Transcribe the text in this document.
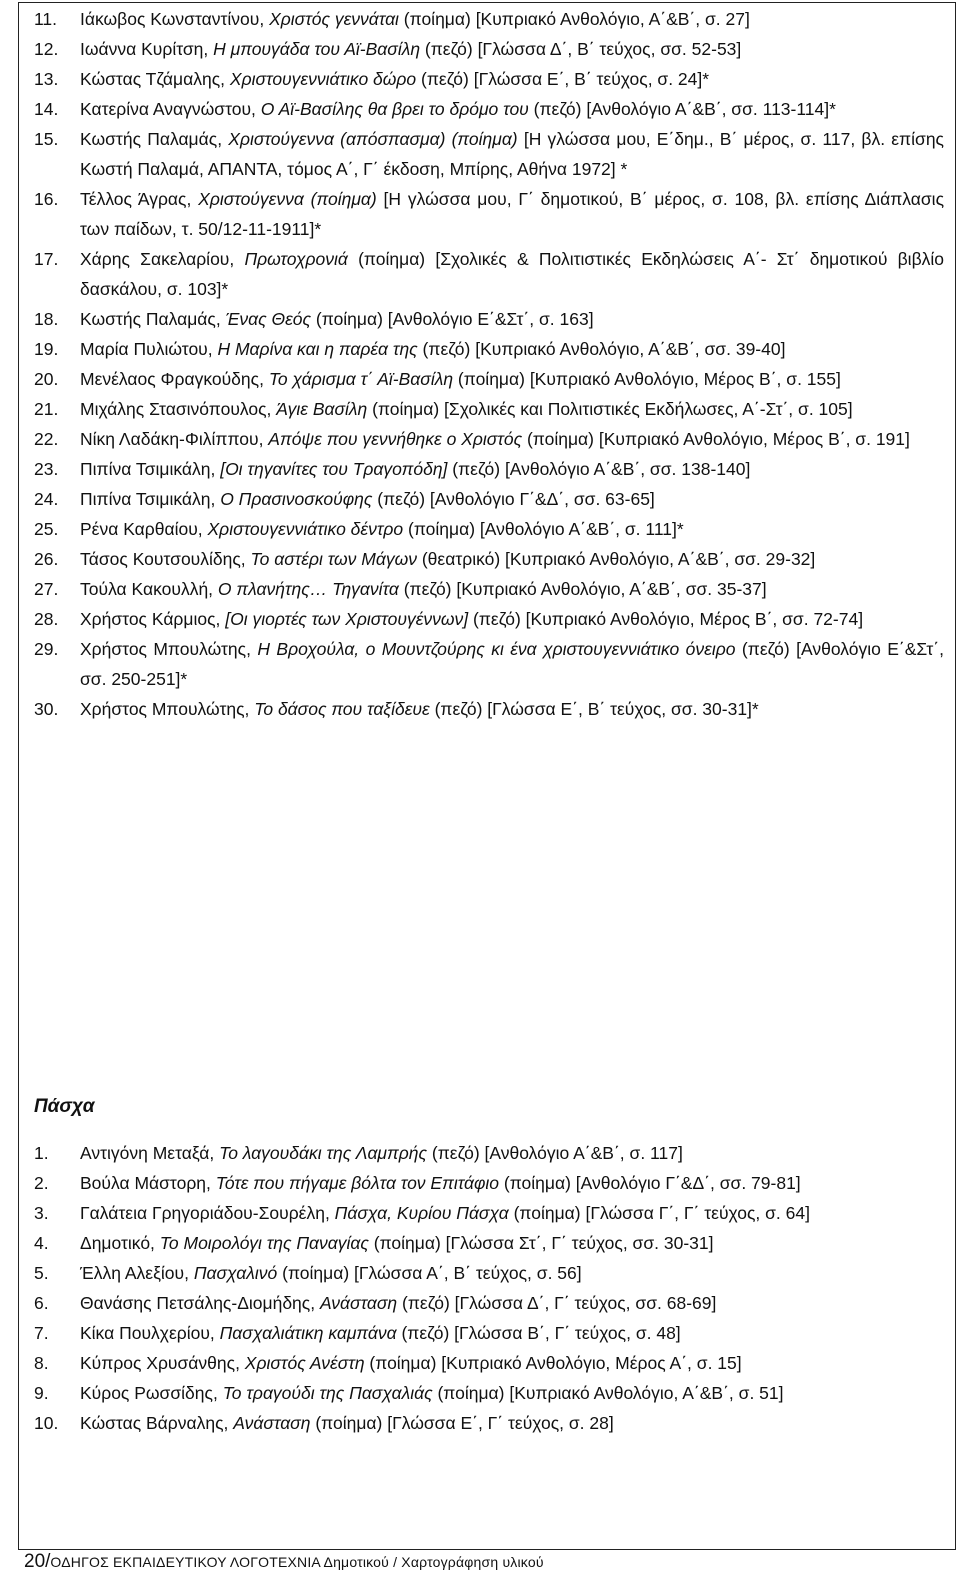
11.	Ιάκωβος Κωνσταντίνου, Χριστός γεννάται (ποίημα) [Κυπριακό Ανθολόγιο, Α΄&Β΄, σ. 27]
12.	Ιωάννα Κυρίτση, Η μπουγάδα του Αϊ-Βασίλη (πεζό) [Γλώσσα Δ΄, Β΄ τεύχος, σσ. 52-53]
13.	Κώστας Τζάμαλης, Χριστουγεννιάτικο δώρο (πεζό) [Γλώσσα Ε΄, Β΄ τεύχος, σ. 24]*
14.	Κατερίνα Αναγνώστου, Ο Αϊ-Βασίλης θα βρει το δρόμο του (πεζό) [Ανθολόγιο Α΄&Β΄, σσ. 113-114]*
15.	Κωστής Παλαμάς, Χριστούγεννα (απόσπασμα) (ποίημα) [Η γλώσσα μου, Ε΄δημ., Β΄ μέρος, σ. 117, βλ. επίσης Κωστή Παλαμά, ΑΠΑΝΤΑ, τόμος Α΄, Γ΄ έκδοση, Μπίρης, Αθήνα 1972] *
16.	Τέλλος Άγρας, Χριστούγεννα (ποίημα) [Η γλώσσα μου, Γ΄ δημοτικού, Β΄ μέρος, σ. 108, βλ. επίσης Διάπλασις των παίδων, τ. 50/12-11-1911]*
17.	Χάρης Σακελαρίου, Πρωτοχρονιά (ποίημα) [Σχολικές & Πολιτιστικές Εκδηλώσεις Α΄- Στ΄ δημοτικού βιβλίο δασκάλου, σ. 103]*
18.	Κωστής Παλαμάς, Ένας Θεός (ποίημα) [Ανθολόγιο Ε΄&Στ΄, σ. 163]
19.	Μαρία Πυλιώτου, Η Μαρίνα και η παρέα της (πεζό) [Κυπριακό Ανθολόγιο, Α΄&Β΄, σσ. 39-40]
20.	Μενέλαος Φραγκούδης, Το χάρισμα τ΄ Αϊ-Βασίλη (ποίημα) [Κυπριακό Ανθολόγιο, Μέρος Β΄, σ. 155]
21.	Μιχάλης Στασινόπουλος, Άγιε Βασίλη (ποίημα) [Σχολικές και Πολιτιστικές Εκδήλωσες, Α΄-Στ΄, σ. 105]
22.	Νίκη Λαδάκη-Φιλίππου, Απόψε που γεννήθηκε ο Χριστός (ποίημα) [Κυπριακό Ανθολόγιο, Μέρος Β΄, σ. 191]
23.	Πιπίνα Τσιμικάλη, [Οι τηγανίτες του Τραγοπόδη] (πεζό) [Ανθολόγιο Α΄&Β΄, σσ. 138-140]
24.	Πιπίνα Τσιμικάλη, Ο Πρασινοσκούφης (πεζό) [Ανθολόγιο Γ΄&Δ΄, σσ. 63-65]
25.	Ρένα Καρθαίου, Χριστουγεννιάτικο δέντρο (ποίημα) [Ανθολόγιο Α΄&Β΄, σ. 111]*
26.	Τάσος Κουτσουλίδης, Το αστέρι των Μάγων (θεατρικό) [Κυπριακό Ανθολόγιο, Α΄&Β΄, σσ. 29-32]
27.	Τούλα Κακουλλή, Ο πλανήτης… Τηγανίτα (πεζό) [Κυπριακό Ανθολόγιο, Α΄&Β΄, σσ. 35-37]
28.	Χρήστος Κάρμιος, [Οι γιορτές των Χριστουγέννων] (πεζό) [Κυπριακό Ανθολόγιο, Μέρος Β΄, σσ. 72-74]
29.	Χρήστος Μπουλώτης, Η Βροχούλα, ο Μουντζούρης κι ένα χριστουγεννιάτικο όνειρο (πεζό) [Ανθολόγιο Ε΄&Στ΄, σσ. 250-251]*
30.	Χρήστος Μπουλώτης, Το δάσος που ταξίδευε (πεζό) [Γλώσσα Ε΄, Β΄ τεύχος, σσ. 30-31]*
Πάσχα
1.	Αντιγόνη Μεταξά, Το λαγουδάκι της Λαμπρής (πεζό) [Ανθολόγιο Α΄&Β΄, σ. 117]
2.	Βούλα Μάστορη, Τότε που πήγαμε βόλτα τον Επιτάφιο (ποίημα) [Ανθολόγιο Γ΄&Δ΄, σσ. 79-81]
3.	Γαλάτεια Γρηγοριάδου-Σουρέλη, Πάσχα, Κυρίου Πάσχα (ποίημα) [Γλώσσα Γ΄, Γ΄ τεύχος, σ. 64]
4.	Δημοτικό, Το Μοιρολόγι της Παναγίας (ποίημα) [Γλώσσα Στ΄, Γ΄ τεύχος, σσ. 30-31]
5.	Έλλη Αλεξίου, Πασχαλινό (ποίημα) [Γλώσσα Α΄, Β΄ τεύχος, σ. 56]
6.	Θανάσης Πετσάλης-Διομήδης, Ανάσταση (πεζό) [Γλώσσα Δ΄, Γ΄ τεύχος, σσ. 68-69]
7.	Κίκα Πουλχερίου, Πασχαλιάτικη καμπάνα (πεζό) [Γλώσσα Β΄, Γ΄ τεύχος, σ. 48]
8.	Κύπρος Χρυσάνθης, Χριστός Ανέστη (ποίημα) [Κυπριακό Ανθολόγιο, Μέρος Α΄, σ. 15]
9.	Κύρος Ρωσσίδης, Το τραγούδι της Πασχαλιάς (ποίημα) [Κυπριακό Ανθολόγιο, Α΄&Β΄, σ. 51]
10.	Κώστας Βάρναλης, Ανάσταση (ποίημα) [Γλώσσα Ε΄, Γ΄ τεύχος, σ. 28]
20/ΟΔΗΓΟΣ ΕΚΠΑΙΔΕΥΤΙΚΟΥ ΛΟΓΟΤΕΧΝΙΑ Δημοτικού / Χαρτογράφηση υλικού
